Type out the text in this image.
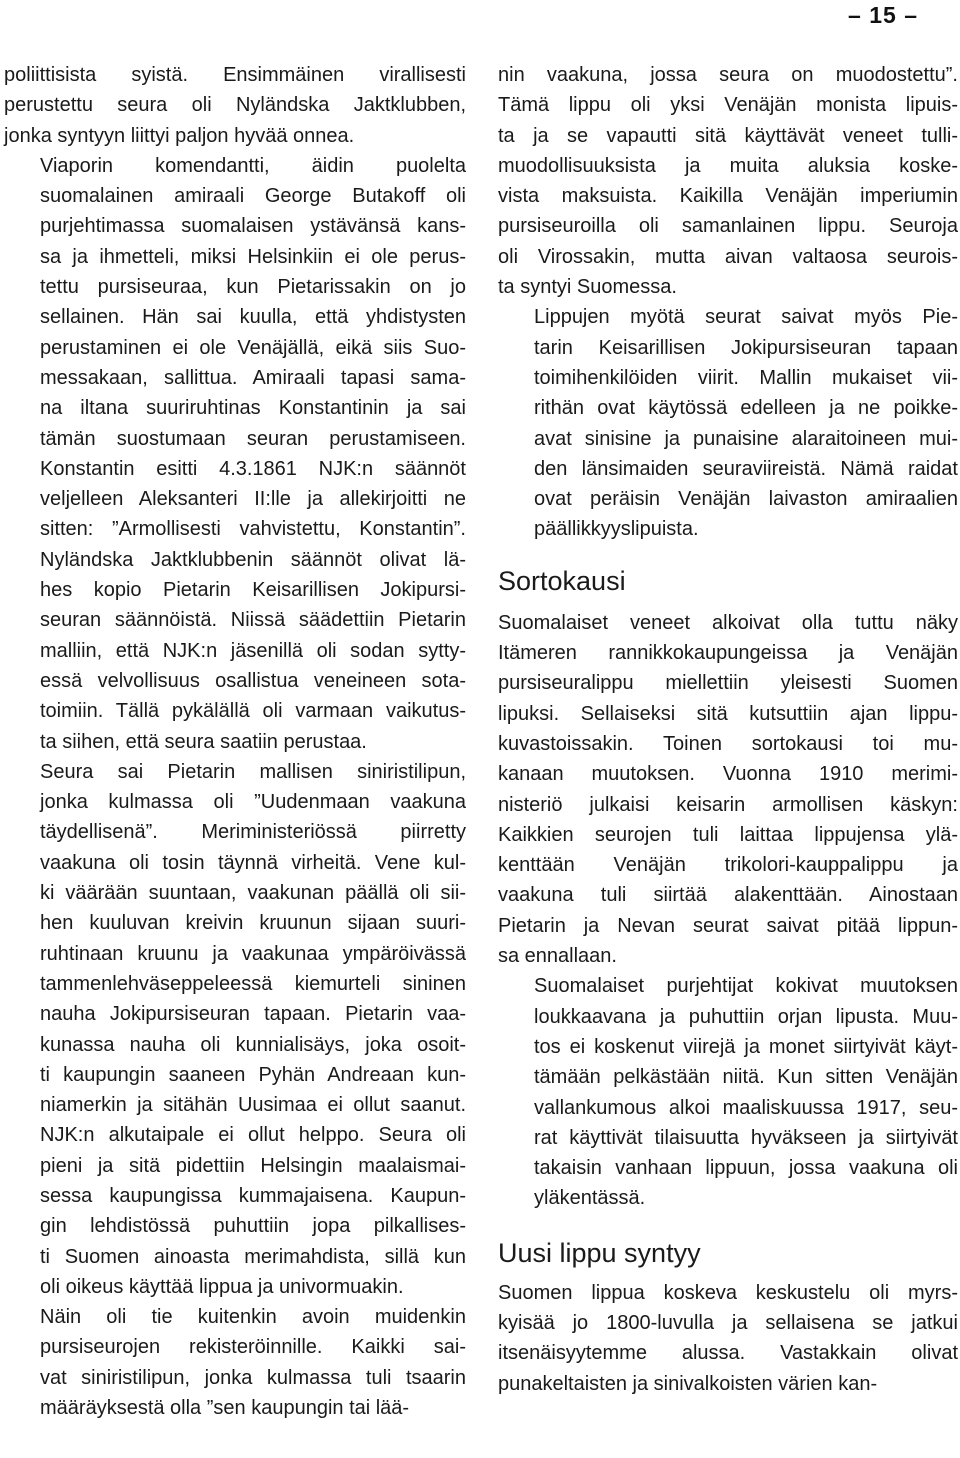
– 15 –

poliittisista syistä. Ensimmäinen virallisesti
perustettu seura oli Nyländska Jaktklubben,
jonka syntyyn liittyi paljon hyvää onnea.

Viaporin komendantti, äidin puolelta
suomalainen amiraali George Butakoff oli
purjehtimassa suomalaisen ystävänsä kans-
sa ja ihmetteli, miksi Helsinkiin ei ole perus-
tettu pursiseuraa, kun Pietarissakin on jo
sellainen. Hän sai kuulla, että yhdistysten
perustaminen ei ole Venäjällä, eikä siis Suo-
messakaan, sallittua. Amiraali tapasi sama-
na iltana suuriruhtinas Konstantinin ja sai
tämän suostumaan seuran perustamiseen.
Konstantin esitti 4.3.1861 NJK:n säännöt
veljelleen Aleksanteri II:lle ja allekirjoitti ne
sitten: ”Armollisesti vahvistettu, Konstantin”.
Nyländska Jaktklubbenin säännöt olivat lä-
hes kopio Pietarin Keisarillisen Jokipursi-
seuran säännöistä. Niissä säädettiin Pietarin
malliin, että NJK:n jäsenillä oli sodan sytty-
essä velvollisuus osallistua veneineen sota-
toimiin. Tällä pykälällä oli varmaan vaikutus-
ta siihen, että seura saatiin perustaa.

Seura sai Pietarin mallisen siniristilipun,
jonka kulmassa oli ”Uudenmaan vaakuna
täydellisenä”. Meriministeriössä piirretty
vaakuna oli tosin täynnä virheitä. Vene kul-
ki väärään suuntaan, vaakunan päällä oli sii-
hen kuuluvan kreivin kruunun sijaan suuri-
ruhtinaan kruunu ja vaakunaa ympäröivässä
tammenlehväseppeleessä kiemurteli sininen
nauha Jokipursiseuran tapaan. Pietarin vaa-
kunassa nauha oli kunnialisäys, joka osoit-
ti kaupungin saaneen Pyhän Andreaan kun-
niamerkin ja sitähän Uusimaa ei ollut saanut.
NJK:n alkutaipale ei ollut helppo. Seura oli
pieni ja sitä pidettiin Helsingin maalaismai-
sessa kaupungissa kummajaisena. Kaupun-
gin lehdistössä puhuttiin jopa pilkallises-
ti Suomen ainoasta merimahdista, sillä kun
oli oikeus käyttää lippua ja univormuakin.

Näin oli tie kuitenkin avoin muidenkin
pursiseurojen rekisteröinnille. Kaikki sai-
vat siniristilipun, jonka kulmassa tuli tsaarin
määräyksestä olla ”sen kaupungin tai lää-

nin vaakuna, jossa seura on muodostettu”.
Tämä lippu oli yksi Venäjän monista lipuis-
ta ja se vapautti sitä käyttävät veneet tulli-
muodollisuuksista ja muita aluksia koske-
vista maksuista. Kaikilla Venäjän imperiumin
pursiseuroilla oli samanlainen lippu. Seuroja
oli Virossakin, mutta aivan valtaosa seurois-
ta syntyi Suomessa.

Lippujen myötä seurat saivat myös Pie-
tarin Keisarillisen Jokipursiseuran tapaan
toimihenkilöiden viirit. Mallin mukaiset vii-
rithän ovat käytössä edelleen ja ne poikke-
avat sinisine ja punaisine alaraitoineen mui-
den länsimaiden seuraviireistä. Nämä raidat
ovat peräisin Venäjän laivaston amiraalien
päällikkyyslipuista.

Sortokausi

Suomalaiset veneet alkoivat olla tuttu näky
Itämeren rannikkokaupungeissa ja Venäjän
pursiseuralippu miellettiin yleisesti Suomen
lipuksi. Sellaiseksi sitä kutsuttiin ajan lippu-
kuvastoissakin. Toinen sortokausi toi mu-
kanaan muutoksen. Vuonna 1910 merimi-
nisteriö julkaisi keisarin armollisen käskyn:
Kaikkien seurojen tuli laittaa lippujensa ylä-
kenttään Venäjän trikolori-kauppalippu ja
vaakuna tuli siirtää alakenttään. Ainostaan
Pietarin ja Nevan seurat saivat pitää lippun-
sa ennallaan.

Suomalaiset purjehtijat kokivat muutoksen
loukkaavana ja puhuttiin orjan lipusta. Muu-
tos ei koskenut viirejä ja monet siirtyivät käyt-
tämään pelkästään niitä. Kun sitten Venäjän
vallankumous alkoi maaliskuussa 1917, seu-
rat käyttivät tilaisuutta hyväkseen ja siirtyivät
takaisin vanhaan lippuun, jossa vaakuna oli
yläkentässä.

Uusi lippu syntyy

Suomen lippua koskeva keskustelu oli myrs-
kyisää jo 1800-luvulla ja sellaisena se jatkui
itsenäisyytemme alussa. Vastakkain olivat
punakeltaisten ja sinivalkoisten värien kan-
